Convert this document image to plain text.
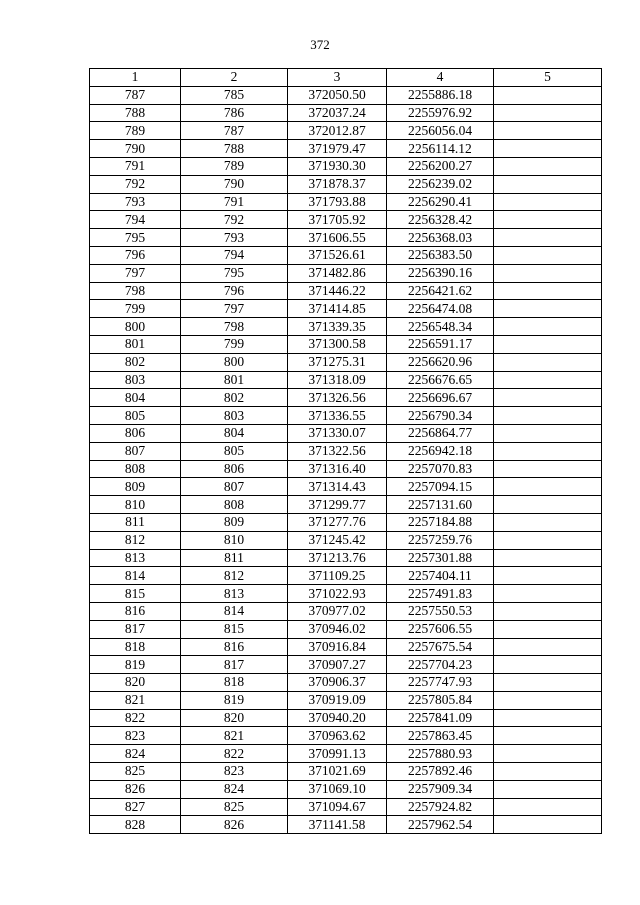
372
1	2	3	4	5
787	785	372050.50	2255886.18	
788	786	372037.24	2255976.92	
789	787	372012.87	2256056.04	
790	788	371979.47	2256114.12	
791	789	371930.30	2256200.27	
792	790	371878.37	2256239.02	
793	791	371793.88	2256290.41	
794	792	371705.92	2256328.42	
795	793	371606.55	2256368.03	
796	794	371526.61	2256383.50	
797	795	371482.86	2256390.16	
798	796	371446.22	2256421.62	
799	797	371414.85	2256474.08	
800	798	371339.35	2256548.34	
801	799	371300.58	2256591.17	
802	800	371275.31	2256620.96	
803	801	371318.09	2256676.65	
804	802	371326.56	2256696.67	
805	803	371336.55	2256790.34	
806	804	371330.07	2256864.77	
807	805	371322.56	2256942.18	
808	806	371316.40	2257070.83	
809	807	371314.43	2257094.15	
810	808	371299.77	2257131.60	
811	809	371277.76	2257184.88	
812	810	371245.42	2257259.76	
813	811	371213.76	2257301.88	
814	812	371109.25	2257404.11	
815	813	371022.93	2257491.83	
816	814	370977.02	2257550.53	
817	815	370946.02	2257606.55	
818	816	370916.84	2257675.54	
819	817	370907.27	2257704.23	
820	818	370906.37	2257747.93	
821	819	370919.09	2257805.84	
822	820	370940.20	2257841.09	
823	821	370963.62	2257863.45	
824	822	370991.13	2257880.93	
825	823	371021.69	2257892.46	
826	824	371069.10	2257909.34	
827	825	371094.67	2257924.82	
828	826	371141.58	2257962.54	
